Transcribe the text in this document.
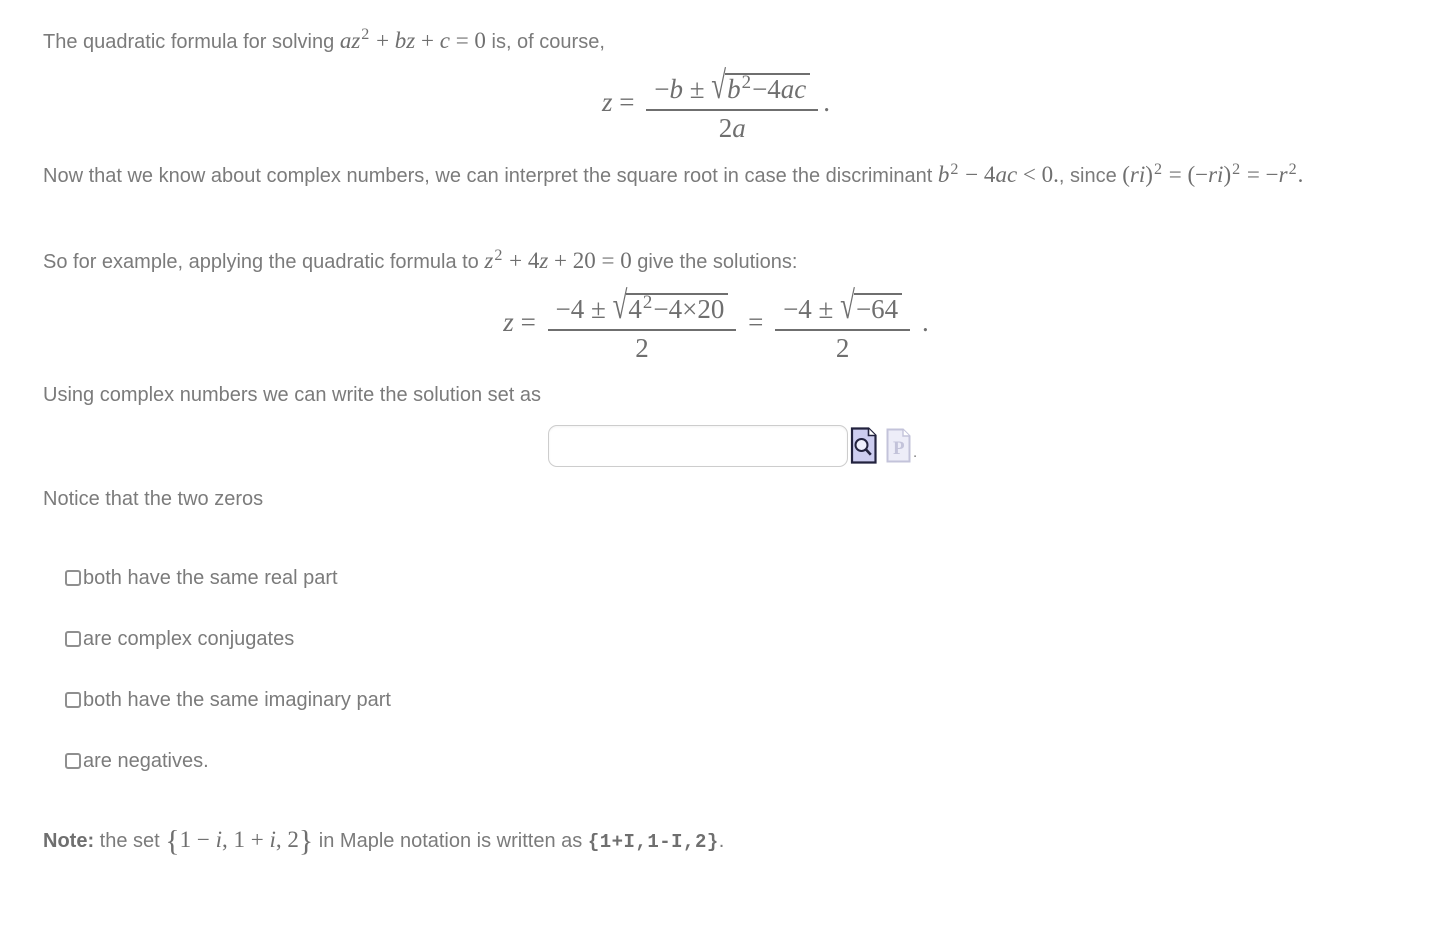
The quadratic formula for solving $az^2$ + bz + c = 0 is, of course,

$z = \frac{-b \pm √b^2-4ac}{2a}$ .

Now that we know about complex numbers, we can interpret the square root in case the discriminant $b^2 - 4ac < 0$., since $(ri)^2 = (-ri)^2 = -r^2$.

So for example, applying the quadratic formula to $z^2 + 4z + 20 = 0$ give the solutions:

$z = \frac{-4 \pm √4^2-4\times 20}{2} = \frac{-4 \pm √-64}{2}$ .

Using complex numbers we can write the solution set as

P .

Notice that the two zeros

both have the same real part
are complex conjugates
both have the same imaginary part
are negatives.

Note: the set {1 − i, 1 + i, 2} in Maple notation is written as {1+I,1-I,2}.
